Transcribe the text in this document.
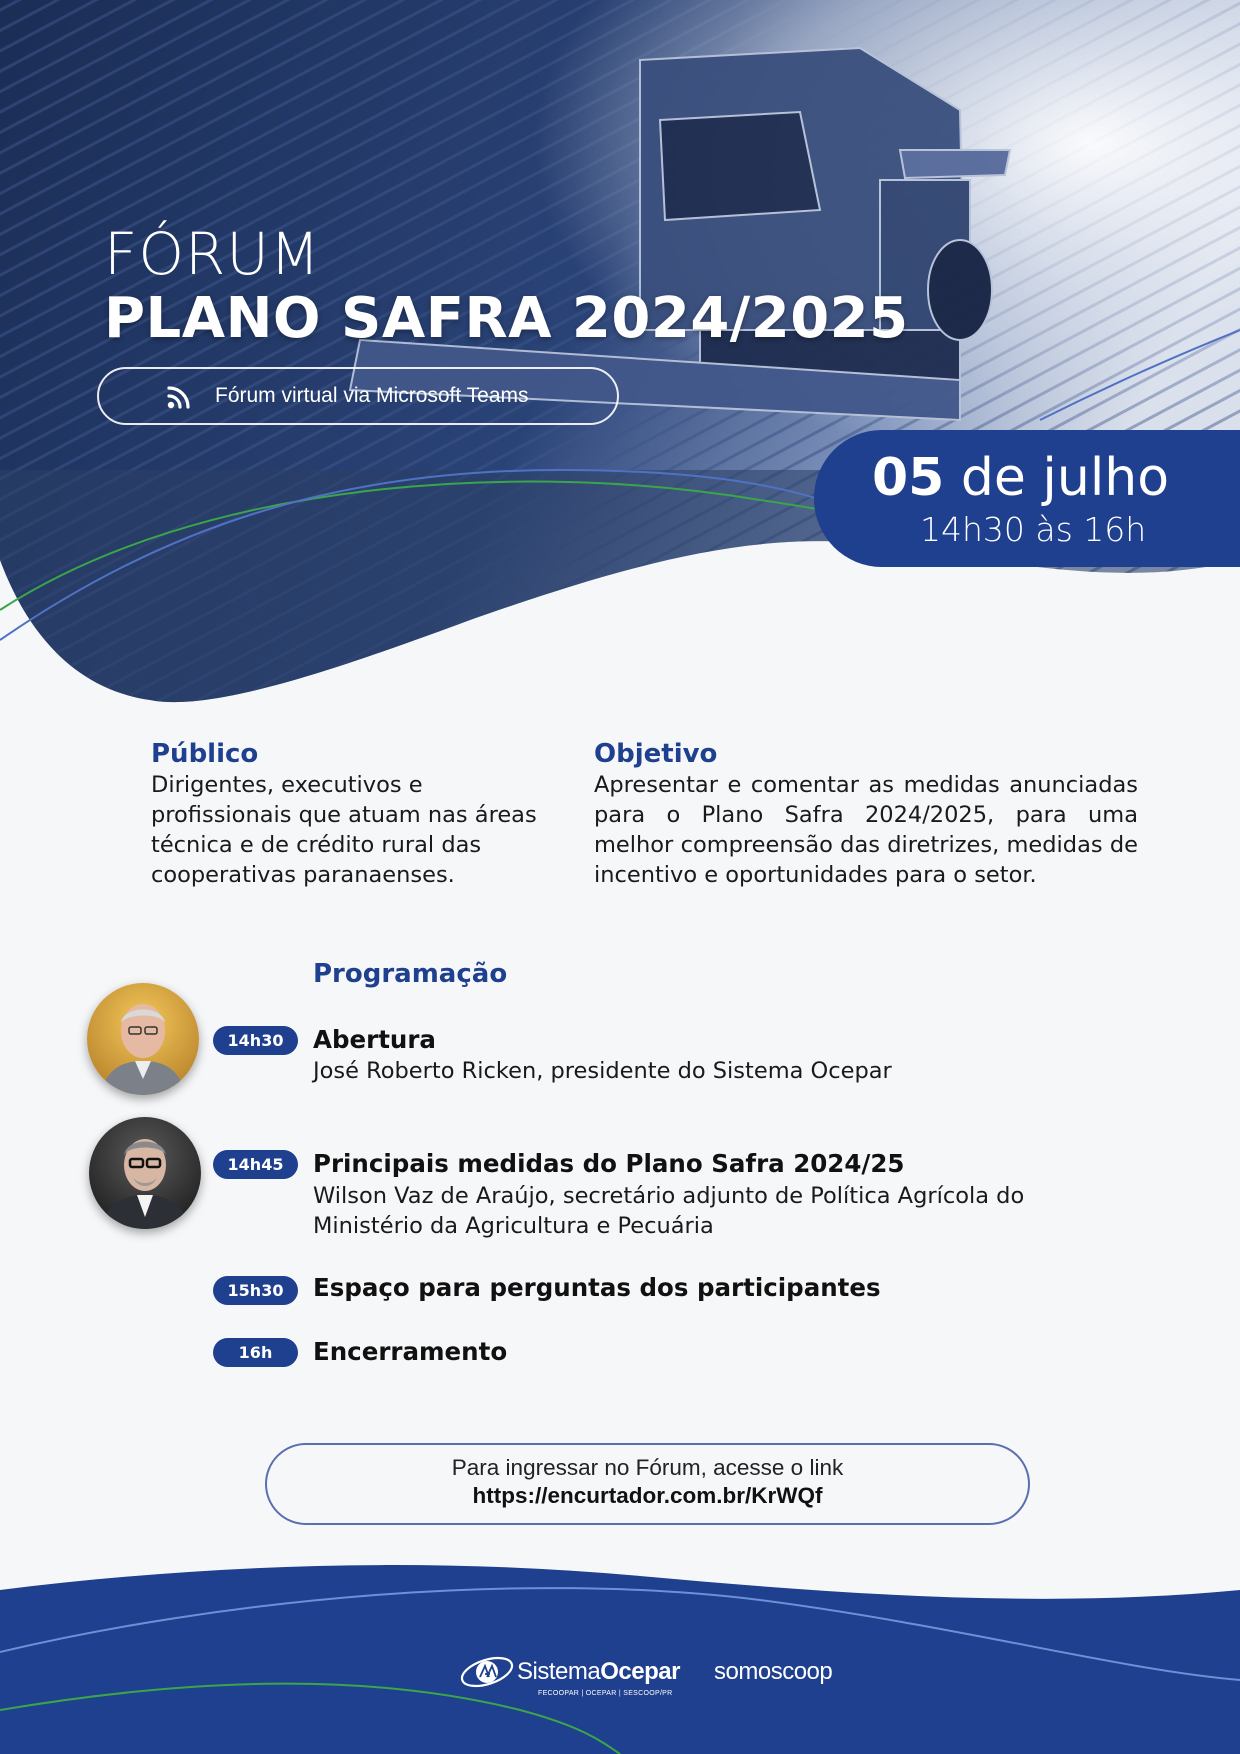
FÓRUM
PLANO SAFRA 2024/2025
Fórum virtual via Microsoft Teams
05 de julho
14h30 às 16h
Público

Dirigentes, executivos e profissionais que atuam nas áreas técnica e de crédito rural das cooperativas paranaenses.

Objetivo

Apresentar e comentar as medidas anunciadas para o Plano Safra 2024/2025, para uma melhor compreensão das diretrizes, medidas de incentivo e oportunidades para o setor.

Programação
14h30	Abertura
José Roberto Ricken, presidente do Sistema Ocepar
14h45	Principais medidas do Plano Safra 2024/25
Wilson Vaz de Araújo, secretário adjunto de Política Agrícola do Ministério da Agricultura e Pecuária
15h30	Espaço para perguntas dos participantes
16h	Encerramento
Para ingressar no Fórum, acesse o link
https://encurtador.com.br/KrWQf
SistemaOcepar
FECOOPAR | OCEPAR | SESCOOP/PR
somoscoop
